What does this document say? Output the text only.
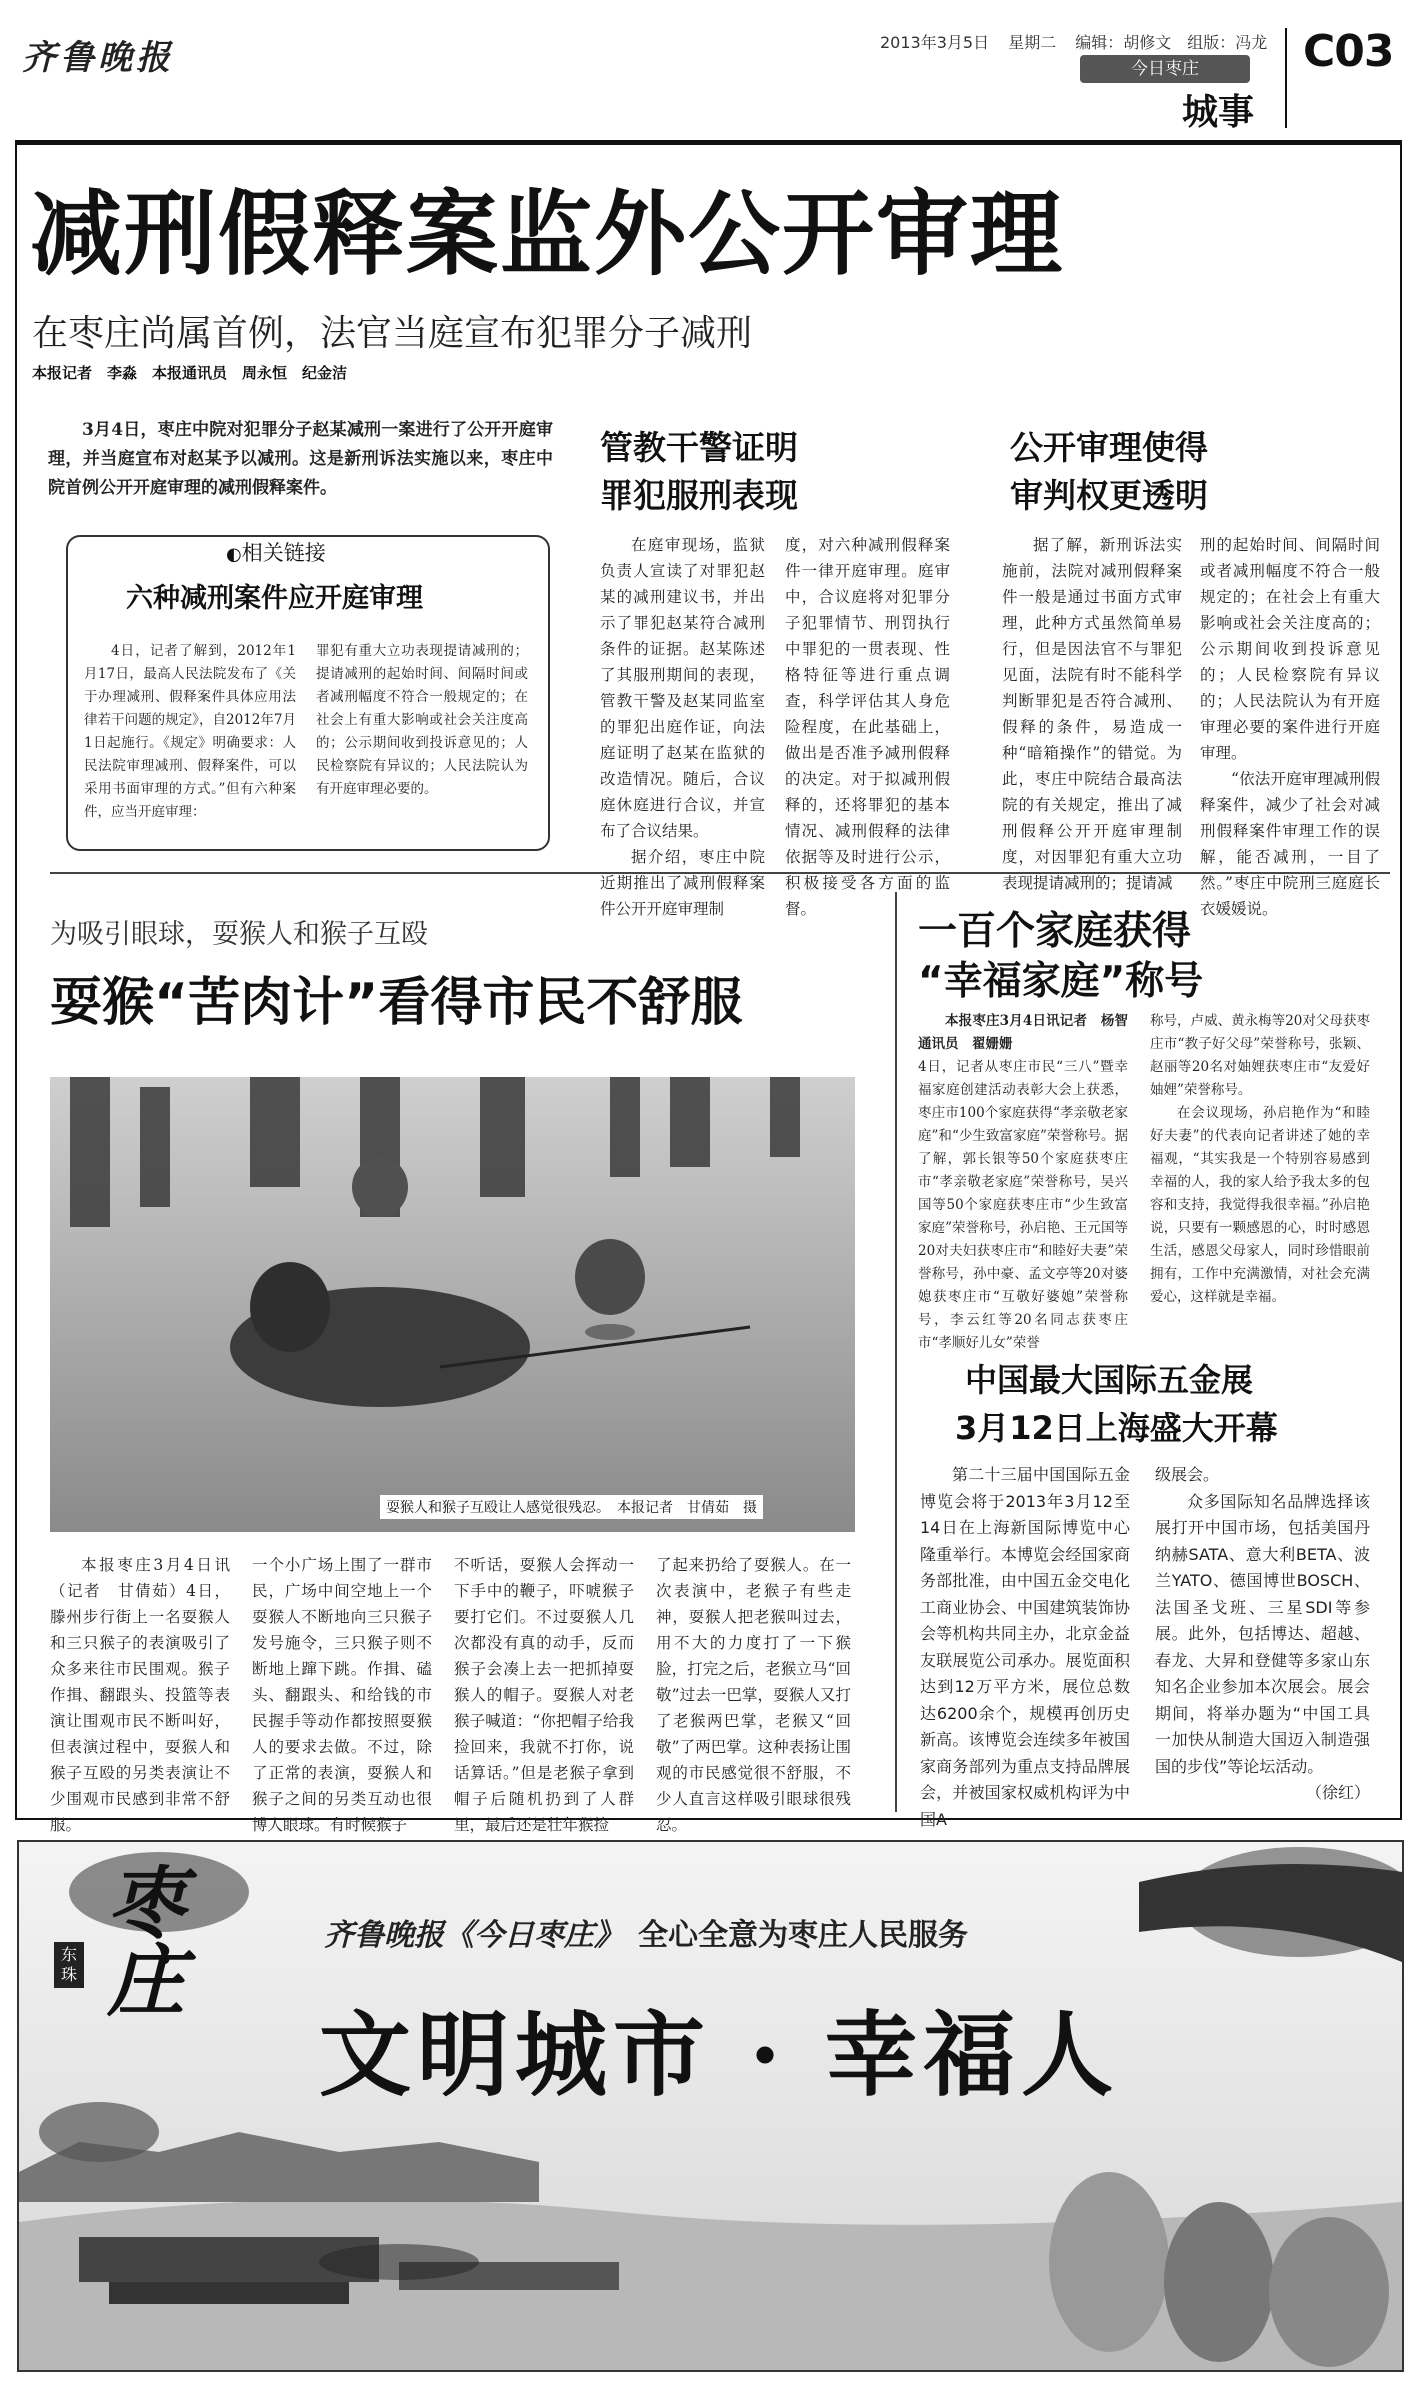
齐鲁晚报	2013年3月5日 星期二 编辑：胡修文　组版：冯龙
今日枣庄
城事
C03
减刑假释案监外公开审理
在枣庄尚属首例，法官当庭宣布犯罪分子减刑
本报记者　李淼　本报通讯员　周永恒　纪金洁

3月4日，枣庄中院对犯罪分子赵某减刑一案进行了公开开庭审理，并当庭宣布对赵某予以减刑。这是新刑诉法实施以来，枣庄中院首例公开开庭审理的减刑假释案件。

◐相关链接
六种减刑案件应开庭审理

4日，记者了解到，2012年1月17日，最高人民法院发布了《关于办理减刑、假释案件具体应用法律若干问题的规定》，自2012年7月1日起施行。《规定》明确要求：人民法院审理减刑、假释案件，可以采用书面审理的方式。”但有六种案件，应当开庭审理：

罪犯有重大立功表现提请减刑的；提请减刑的起始时间、间隔时间或者减刑幅度不符合一般规定的；在社会上有重大影响或社会关注度高的；公示期间收到投诉意见的；人民检察院有异议的；人民法院认为有开庭审理必要的。

管教干警证明
罪犯服刑表现

在庭审现场，监狱负责人宣读了对罪犯赵某的减刑建议书，并出示了罪犯赵某符合减刑条件的证据。赵某陈述了其服刑期间的表现，管教干警及赵某同监室的罪犯出庭作证，向法庭证明了赵某在监狱的改造情况。随后，合议庭休庭进行合议，并宣布了合议结果。

据介绍，枣庄中院近期推出了减刑假释案件公开开庭审理制

度，对六种减刑假释案件一律开庭审理。庭审中，合议庭将对犯罪分子犯罪情节、刑罚执行中罪犯的一贯表现、性格特征等进行重点调查，科学评估其人身危险程度，在此基础上，做出是否准予减刑假释的决定。对于拟减刑假释的，还将罪犯的基本情况、减刑假释的法律依据等及时进行公示，积极接受各方面的监督。

公开审理使得
审判权更透明

据了解，新刑诉法实施前，法院对减刑假释案件一般是通过书面方式审理，此种方式虽然简单易行，但是因法官不与罪犯见面，法院有时不能科学判断罪犯是否符合减刑、假释的条件，易造成一种“暗箱操作”的错觉。为此，枣庄中院结合最高法院的有关规定，推出了减刑假释公开开庭审理制度，对因罪犯有重大立功表现提请减刑的；提请减

刑的起始时间、间隔时间或者减刑幅度不符合一般规定的；在社会上有重大影响或社会关注度高的；公示期间收到投诉意见的；人民检察院有异议的；人民法院认为有开庭审理必要的案件进行开庭审理。

“依法开庭审理减刑假释案件，减少了社会对减刑假释案件审理工作的误解，能否减刑，一目了然。”枣庄中院刑三庭庭长衣媛媛说。

为吸引眼球，耍猴人和猴子互殴
耍猴“苦肉计”看得市民不舒服
耍猴人和猴子互殴让人感觉很残忍。　本报记者　甘倩茹　摄

本报枣庄3月4日讯（记者　甘倩茹）4日，滕州步行街上一名耍猴人和三只猴子的表演吸引了众多来往市民围观。猴子作揖、翻跟头、投篮等表演让围观市民不断叫好，但表演过程中，耍猴人和猴子互殴的另类表演让不少围观市民感到非常不舒服。

一个小广场上围了一群市民，广场中间空地上一个耍猴人不断地向三只猴子发号施令，三只猴子则不断地上蹿下跳。作揖、磕头、翻跟头、和给钱的市民握手等动作都按照耍猴人的要求去做。不过，除了正常的表演，耍猴人和猴子之间的另类互动也很博人眼球。有时候猴子

不听话，耍猴人会挥动一下手中的鞭子，吓唬猴子要打它们。不过耍猴人几次都没有真的动手，反而猴子会凑上去一把抓掉耍猴人的帽子。耍猴人对老猴子喊道：“你把帽子给我捡回来，我就不打你，说话算话。”但是老猴子拿到帽子后随机扔到了人群里，最后还是壮年猴捡

了起来扔给了耍猴人。在一次表演中，老猴子有些走神，耍猴人把老猴叫过去，用不大的力度打了一下猴脸，打完之后，老猴立马“回敬”过去一巴掌，耍猴人又打了老猴两巴掌，老猴又“回敬”了两巴掌。这种表扬让围观的市民感觉很不舒服，不少人直言这样吸引眼球很残忍。

一百个家庭获得
“幸福家庭”称号

本报枣庄3月4日讯记者　杨智　通讯员　翟姗姗

4日，记者从枣庄市民“三八”暨幸福家庭创建活动表彰大会上获悉，枣庄市100个家庭获得“孝亲敬老家庭”和“少生致富家庭”荣誉称号。据了解，郭长银等50个家庭获枣庄市“孝亲敬老家庭”荣誉称号，吴兴国等50个家庭获枣庄市“少生致富家庭”荣誉称号，孙启艳、王元国等20对夫妇获枣庄市“和睦好夫妻”荣誉称号，孙中豪、孟文亭等20对婆媳获枣庄市“互敬好婆媳”荣誉称号，李云红等20名同志获枣庄市“孝顺好儿女”荣誉

称号，卢威、黄永梅等20对父母获枣庄市“教子好父母”荣誉称号，张颖、赵丽等20名对妯娌获枣庄市“友爱好妯娌”荣誉称号。

在会议现场，孙启艳作为“和睦好夫妻”的代表向记者讲述了她的幸福观，“其实我是一个特别容易感到幸福的人，我的家人给予我太多的包容和支持，我觉得我很幸福。”孙启艳说，只要有一颗感恩的心，时时感恩生活，感恩父母家人，同时珍惜眼前拥有，工作中充满激情，对社会充满爱心，这样就是幸福。

中国最大国际五金展
3月12日上海盛大开幕

第二十三届中国国际五金博览会将于2013年3月12至14日在上海新国际博览中心隆重举行。本博览会经国家商务部批准，由中国五金交电化工商业协会、中国建筑装饰协会等机构共同主办，北京金益友联展览公司承办。展览面积达到12万平方米，展位总数达6200余个，规模再创历史新高。该博览会连续多年被国家商务部列为重点支持品牌展会，并被国家权威机构评为中国A

级展会。

众多国际知名品牌选择该展打开中国市场，包括美国丹纳赫SATA、意大利BETA、波兰YATO、德国博世BOSCH、法国圣戈班、三星SDI等参展。此外，包括博达、超越、春龙、大昇和登健等多家山东知名企业参加本次展会。展会期间，将举办题为“中国工具一加快从制造大国迈入制造强国的步伐”等论坛活动。

（徐红）

枣庄
东珠
齐鲁晚报《今日枣庄》 全心全意为枣庄人民服务
文明城市 · 幸福人
